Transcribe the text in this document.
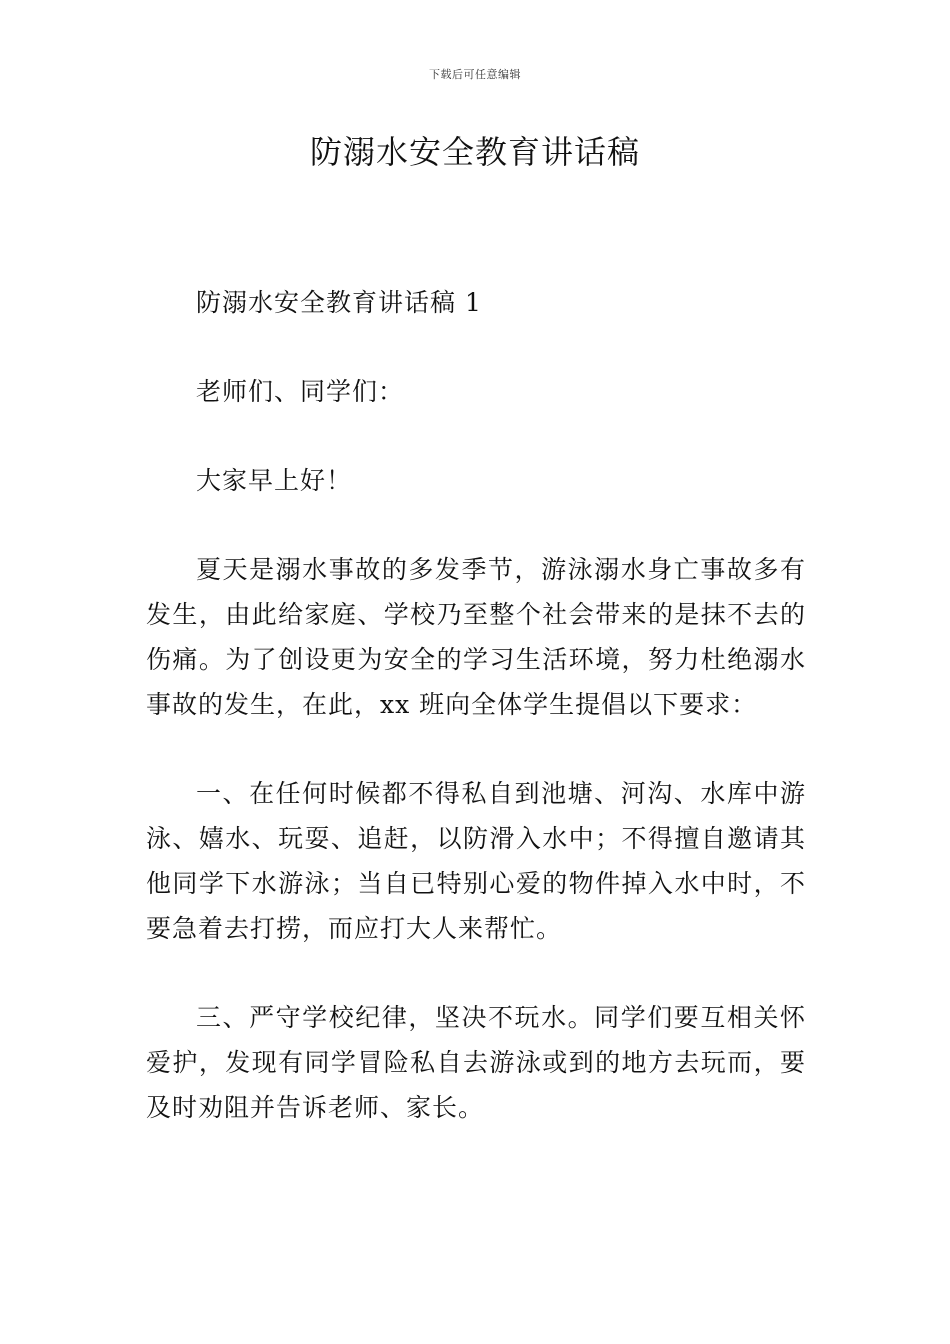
下载后可任意编辑
防溺水安全教育讲话稿

防溺水安全教育讲话稿 1

老师们、同学们：

大家早上好！

夏天是溺水事故的多发季节，游泳溺水身亡事故多有发生，由此给家庭、学校乃至整个社会带来的是抹不去的伤痛。为了创设更为安全的学习生活环境，努力杜绝溺水事故的发生，在此，xx 班向全体学生提倡以下要求：

一、在任何时候都不得私自到池塘、河沟、水库中游泳、嬉水、玩耍、追赶，以防滑入水中；不得擅自邀请其他同学下水游泳；当自已特别心爱的物件掉入水中时，不要急着去打捞，而应打大人来帮忙。

三、严守学校纪律，坚决不玩水。同学们要互相关怀爱护，发现有同学冒险私自去游泳或到的地方去玩而，要及时劝阻并告诉老师、家长。
